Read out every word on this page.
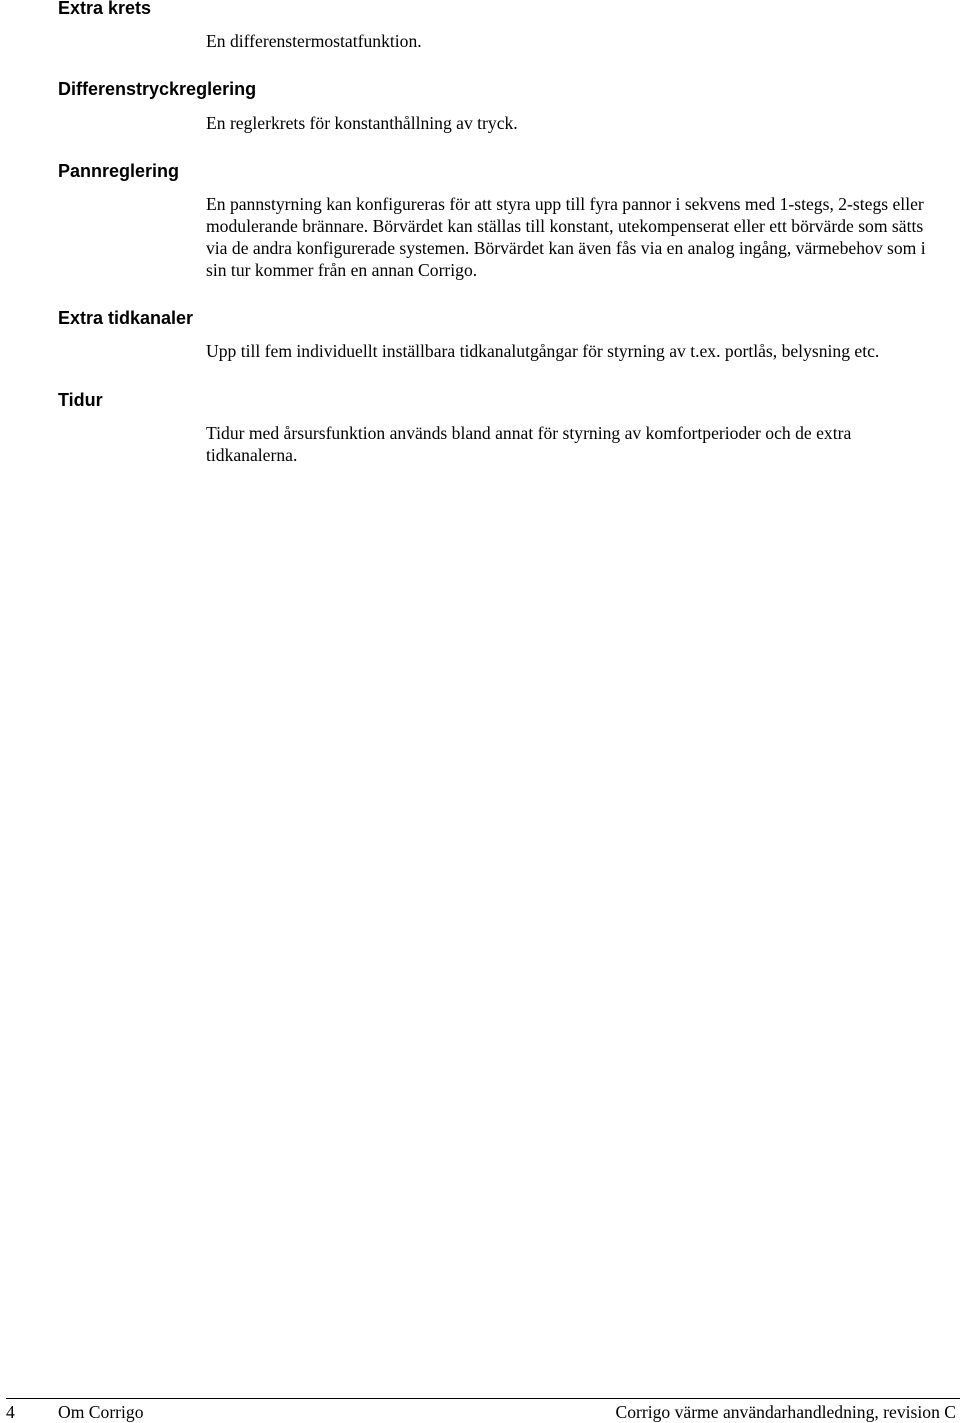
Extra krets

En differenstermostatfunktion.

Differenstryckreglering

En reglerkrets för konstanthållning av tryck.

Pannreglering

En pannstyrning kan konfigureras för att styra upp till fyra pannor i sekvens med 1-stegs, 2-stegs eller modulerande brännare. Börvärdet kan ställas till konstant, utekompenserat eller ett börvärde som sätts via de andra konfigurerade systemen. Börvärdet kan även fås via en analog ingång, värmebehov som i sin tur kommer från en annan Corrigo.

Extra tidkanaler

Upp till fem individuellt inställbara tidkanalutgångar för styrning av t.ex. portlås, belysning etc.

Tidur

Tidur med årsursfunktion används bland annat för styrning av komfortperioder och de extra tidkanalerna.

4 Om Corrigo	Corrigo värme användarhandledning, revision C
